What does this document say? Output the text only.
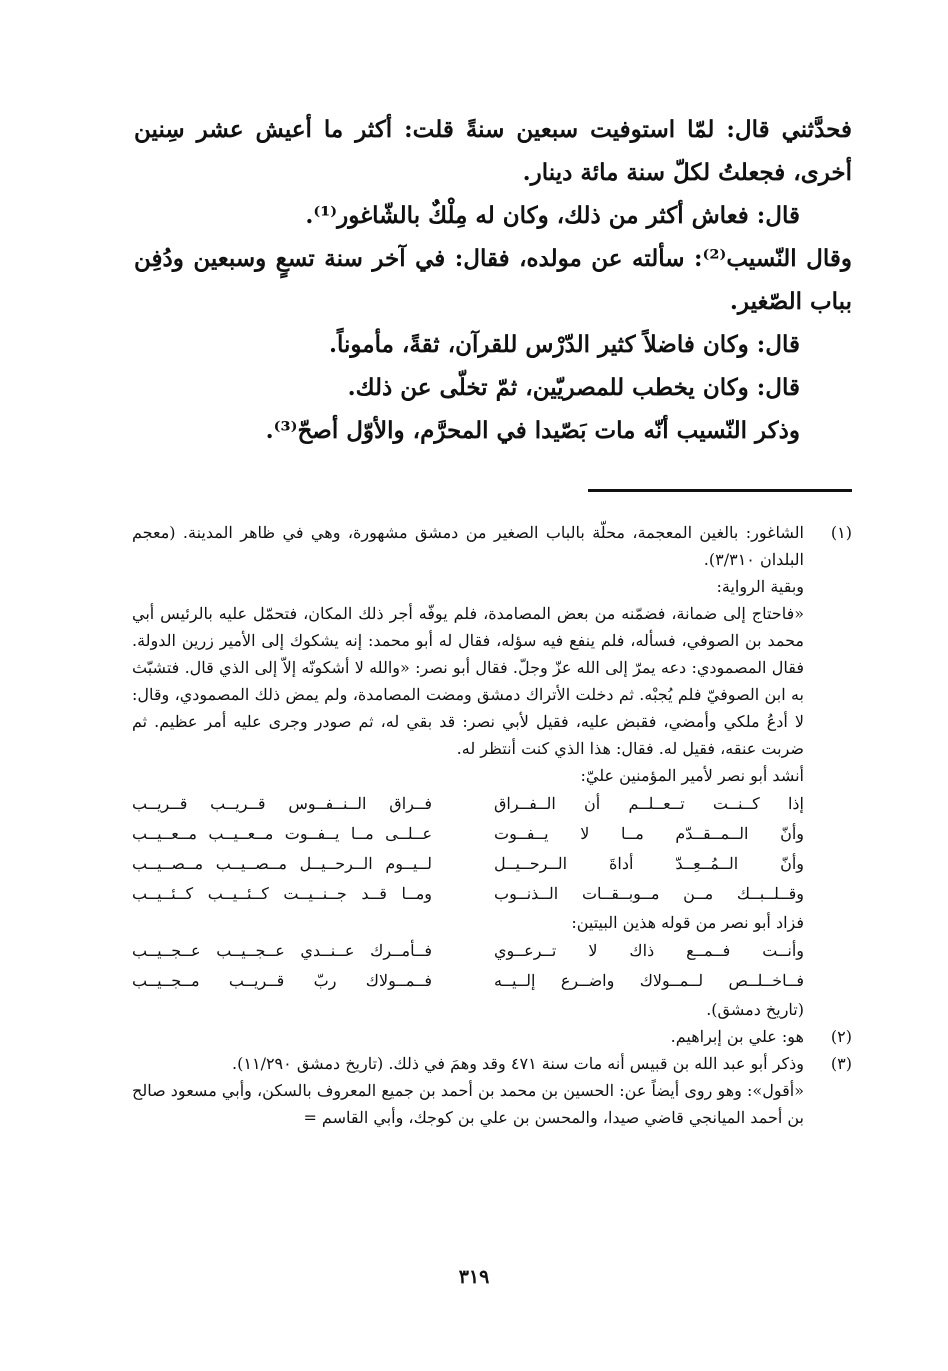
فحدَّثني قال: لمّا استوفيت سبعين سنةً قلت: أكثر ما أعيش عشر سِنين أخرى، فجعلتُ لكلّ سنة مائة دينار.

قال: فعاش أكثر من ذلك، وكان له مِلْكٌ بالشّاغور⁽¹⁾.

وقال النّسيب⁽²⁾: سألته عن مولده، فقال: في آخر سنة تسعٍ وسبعين ودُفِن بباب الصّغير.

قال: وكان فاضلاً كثير الدّرْس للقرآن، ثقةً، مأموناً.

قال: وكان يخطب للمصريّين، ثمّ تخلّى عن ذلك.

وذكر النّسيب أنّه مات بَصّيدا في المحرَّم، والأوّل أصحّ⁽³⁾.

(١)

الشاغور: بالغين المعجمة، محلّة بالباب الصغير من دمشق مشهورة، وهي في ظاهر المدينة. (معجم البلدان ٣/٣١٠).

وبقية الرواية:

«فاحتاج إلى ضمانة، فضمّنه من بعض المصامدة، فلم يوفّه أجر ذلك المكان، فتحمّل عليه بالرئيس أبي محمد بن الصوفي، فسأله، فلم ينفع فيه سؤله، فقال له أبو محمد: إنه يشكوك إلى الأمير زرين الدولة. فقال المصمودي: دعه يمرّ إلى الله عزّ وجلّ. فقال أبو نصر: «والله لا أشكونّه إلاّ إلى الذي قال. فتشبّث به ابن الصوفيّ فلم يُجبْه. ثم دخلت الأتراك دمشق ومضت المصامدة، ولم يمض ذلك المصمودي، وقال: لا أدعُ ملكي وأمضي، فقبض عليه، فقيل لأبي نصر: قد بقي له، ثم صودر وجرى عليه أمر عظيم. ثم ضربت عنقه، فقيل له. فقال: هذا الذي كنت أنتظر له.

أنشد أبو نصر لأمير المؤمنين عليّ:

إذا كــنــت تــعــلــم أن الــفــراق
فــراق الــنــفــوس قــريــب قــريــب
وأنّ الــمــقــدّم مــا لا يــفــوت
عــلــى مــا يــفــوت مــعــيــب مــعــيــب
وأنّ الــمُــعِــدّ أداةَ الــرحــيــل
لــيــوم الــرحــيــل مــصــيــب مــصــيــب
وقــلــبــك مــن مــوبــقــات الــذنــوب
ومــا قــد جــنــيــت كــئــيــب كــئــيــب

فزاد أبو نصر من قوله هذين البيتين:

وأنــت فــمــع ذاك لا تــرعــوي
فــأمــرك عــنــدي عــجــيــب عــجــيــب
فــاخــلــص لــمــولاك واضــرع إلــيــه
فــمــولاك ربّ قــريــب مــجــيــب

(تاريخ دمشق).

(٢)

هو: علي بن إبراهيم.

(٣)

وذكر أبو عبد الله بن قبيس أنه مات سنة ٤٧١ وقد وهمَ في ذلك. (تاريخ دمشق ١١/٢٩٠).

«أقول»: وهو روى أيضاً عن: الحسين بن محمد بن أحمد بن جميع المعروف بالسكن، وأبي مسعود صالح بن أحمد الميانجي قاضي صيدا، والمحسن بن علي بن كوجك، وأبي القاسم =

٣١٩
